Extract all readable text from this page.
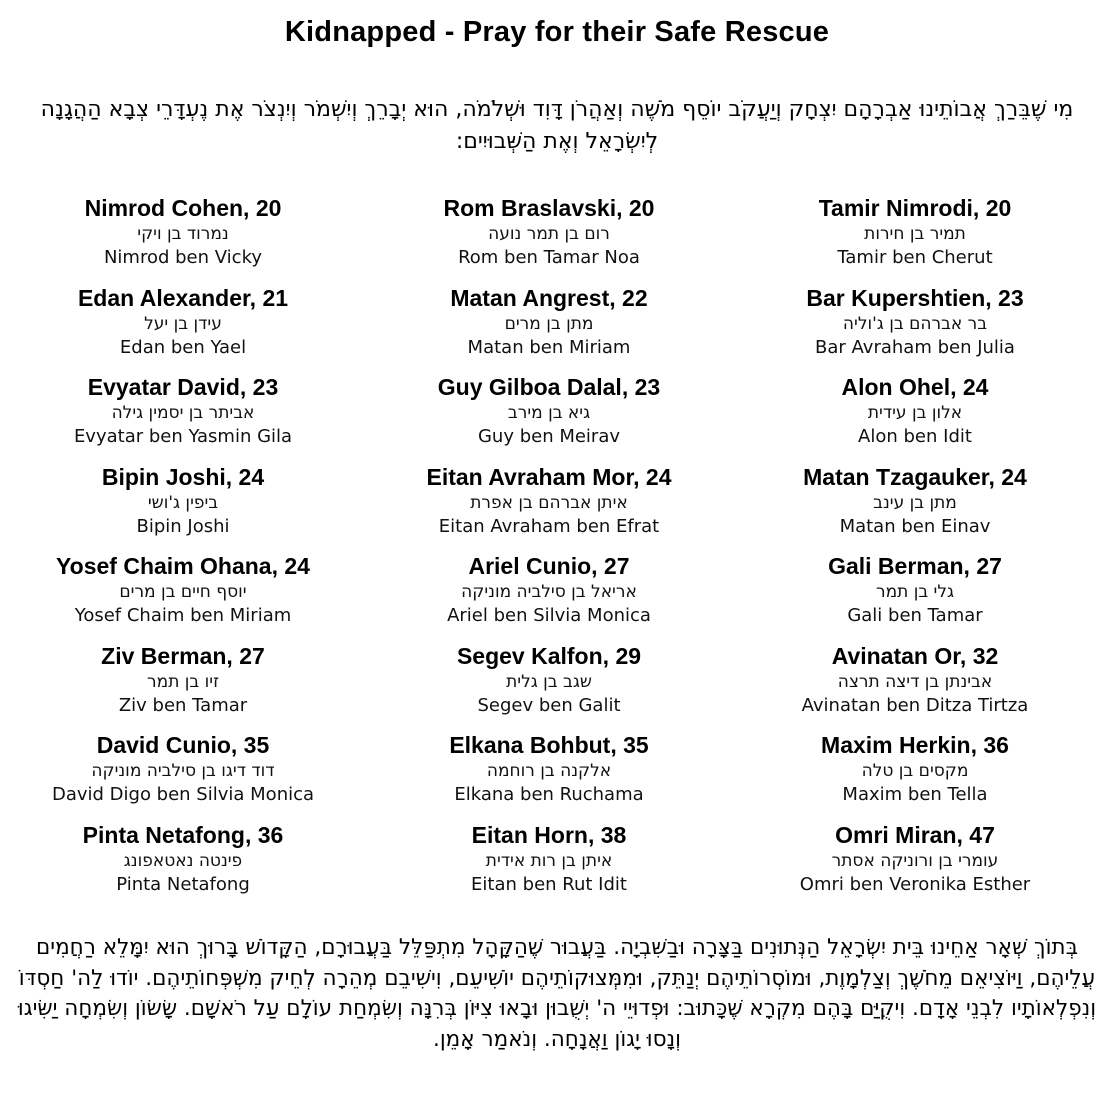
Kidnapped - Pray for their Safe Rescue
מִי שֶׁבֵּרַךְ אֲבוֹתֵינוּ אַבְרָהָם יִצְחָק וְיַעֲקֹב יוֹסֵף מֹשֶׁה וְאַהֲרֹן דָּוִד וּשְׁלֹמֹה, הוּא יְבָרֵךְ וְיִשְׁמֹר וְיִנְצֹר אֶת נֶעְדָּרֵי צְבָא הַהֲגָנָה לְיִשְׂרָאֵל וְאֶת הַשְּׁבוּיִים:
Nimrod Cohen, 20
נמרוד בן ויקי
Nimrod ben Vicky
Rom Braslavski, 20
רום בן תמר נועה
Rom ben Tamar Noa
Tamir Nimrodi, 20
תמיר בן חירות
Tamir ben Cherut
Edan Alexander, 21
עידן בן יעל
Edan ben Yael
Matan Angrest, 22
מתן בן מרים
Matan ben Miriam
Bar Kupershtien, 23
בר אברהם בן ג'וליה
Bar Avraham ben Julia
Evyatar David, 23
אביתר בן יסמין גילה
Evyatar ben Yasmin Gila
Guy Gilboa Dalal, 23
גיא בן מירב
Guy ben Meirav
Alon Ohel, 24
אלון בן עידית
Alon ben Idit
Bipin Joshi, 24
ביפין ג'ושי
Bipin Joshi
Eitan Avraham Mor, 24
איתן אברהם בן אפרת
Eitan Avraham ben Efrat
Matan Tzagauker, 24
מתן בן עינב
Matan ben Einav
Yosef Chaim Ohana, 24
יוסף חיים בן מרים
Yosef Chaim ben Miriam
Ariel Cunio, 27
אריאל בן סילביה מוניקה
Ariel ben Silvia Monica
Gali Berman, 27
גלי בן תמר
Gali ben Tamar
Ziv Berman, 27
זיו בן תמר
Ziv ben Tamar
Segev Kalfon, 29
שגב בן גלית
Segev ben Galit
Avinatan Or, 32
אבינתן בן דיצה תרצה
Avinatan ben Ditza Tirtza
David Cunio, 35
דוד דיגו בן סילביה מוניקה
David Digo ben Silvia Monica
Elkana Bohbut, 35
אלקנה בן רוחמה
Elkana ben Ruchama
Maxim Herkin, 36
מקסים בן טלה
Maxim ben Tella
Pinta Netafong, 36
פינטה נאטאפונג
Pinta Netafong
Eitan Horn, 38
איתן בן רות אידית
Eitan ben Rut Idit
Omri Miran, 47
עומרי בן ורוניקה אסתר
Omri ben Veronika Esther
בְּתוֹךְ שְׁאָר אַחֵינוּ בֵּית יִשְׂרָאֵל הַנְּתוּנִים בַּצָּרָה וּבַשִּׁבְיָה. בַּעֲבוּר שֶׁהַקָּהָל מִתְפַּלֵּל בַּעֲבוּרָם, הַקָּדוֹשׁ בָּרוּךְ הוּא יִמָּלֵא רַחֲמִים עֲלֵיהֶם, וַיּוֹצִיאֵם מֵחֹשֶׁךְ וְצַלְמָוֶת, וּמוֹסְרוֹתֵיהֶם יְנַתֵּק, וּמִמְּצוּקוֹתֵיהֶם יוֹשִׁיעֵם, וִישִׁיבֵם מְהֵרָה לְחֵיק מִשְׁפְּחוֹתֵיהֶם. יוֹדוּ לַה' חַסְדּוֹ וְנִפְלְאוֹתָיו לִבְנֵי אָדָם. וִיקֻיַּם בָּהֶם מִקְרָא שֶׁכָּתוּב: וּפְדוּיֵי ה' יְשֻׁבוּן וּבָאוּ צִיּוֹן בְּרִנָּה וְשִׂמְחַת עוֹלָם עַל רֹאשָׁם. שָׂשׂוֹן וְשִׂמְחָה יַשִּׂיגוּ וְנָסוּ יָגוֹן וַאֲנָחָה. וְנֹאמַר אָמֵן.
